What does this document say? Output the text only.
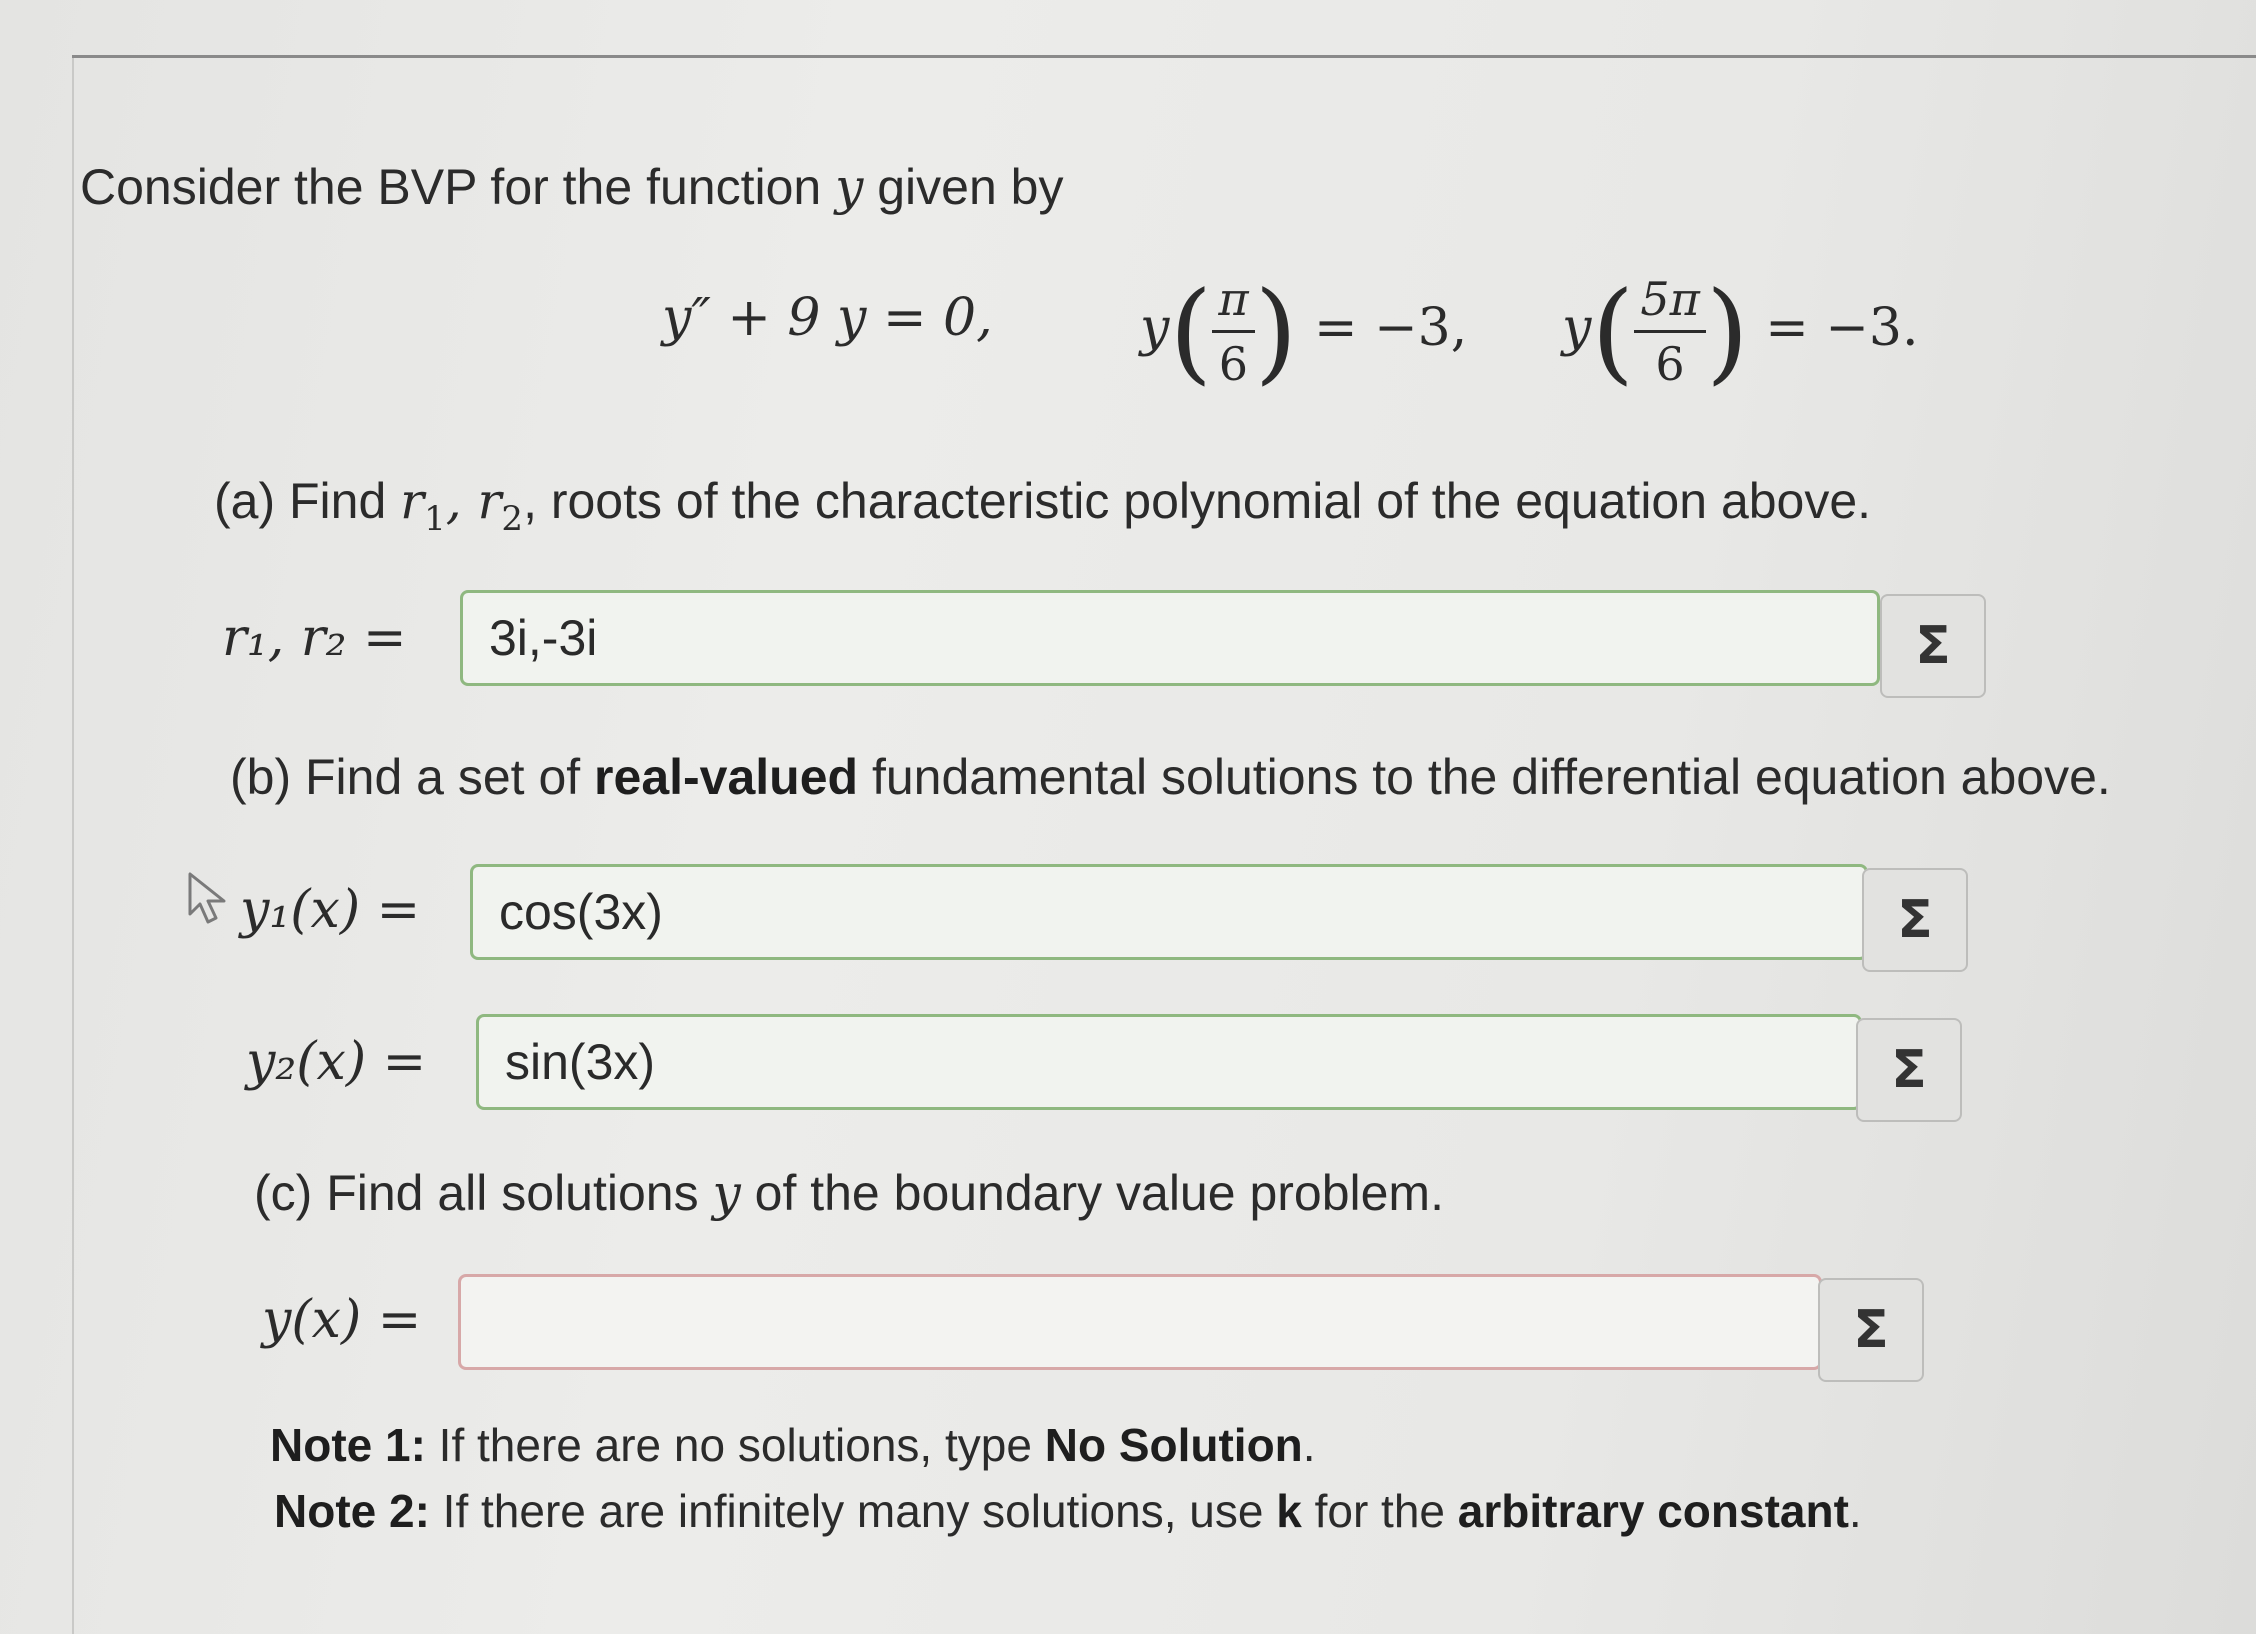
Consider the BVP for the function y given by
y″ + 9 y = 0,	$y( \frac{\pi}{6}$ ) = −3, $y( \frac{5\pi}{6}$ ) = −3.
(a) Find $r_1$, $r_2$, roots of the characteristic polynomial of the equation above.
r₁, r₂ =	3i,-3i	Σ
(b) Find a set of real-valued fundamental solutions to the differential equation above.
y₁(x) =	cos(3x)	Σ
y₂(x) =	sin(3x)	Σ
(c) Find all solutions y of the boundary value problem.
y(x) =	Σ
Note 1: If there are no solutions, type No Solution.
Note 2: If there are infinitely many solutions, use k for the arbitrary constant.
